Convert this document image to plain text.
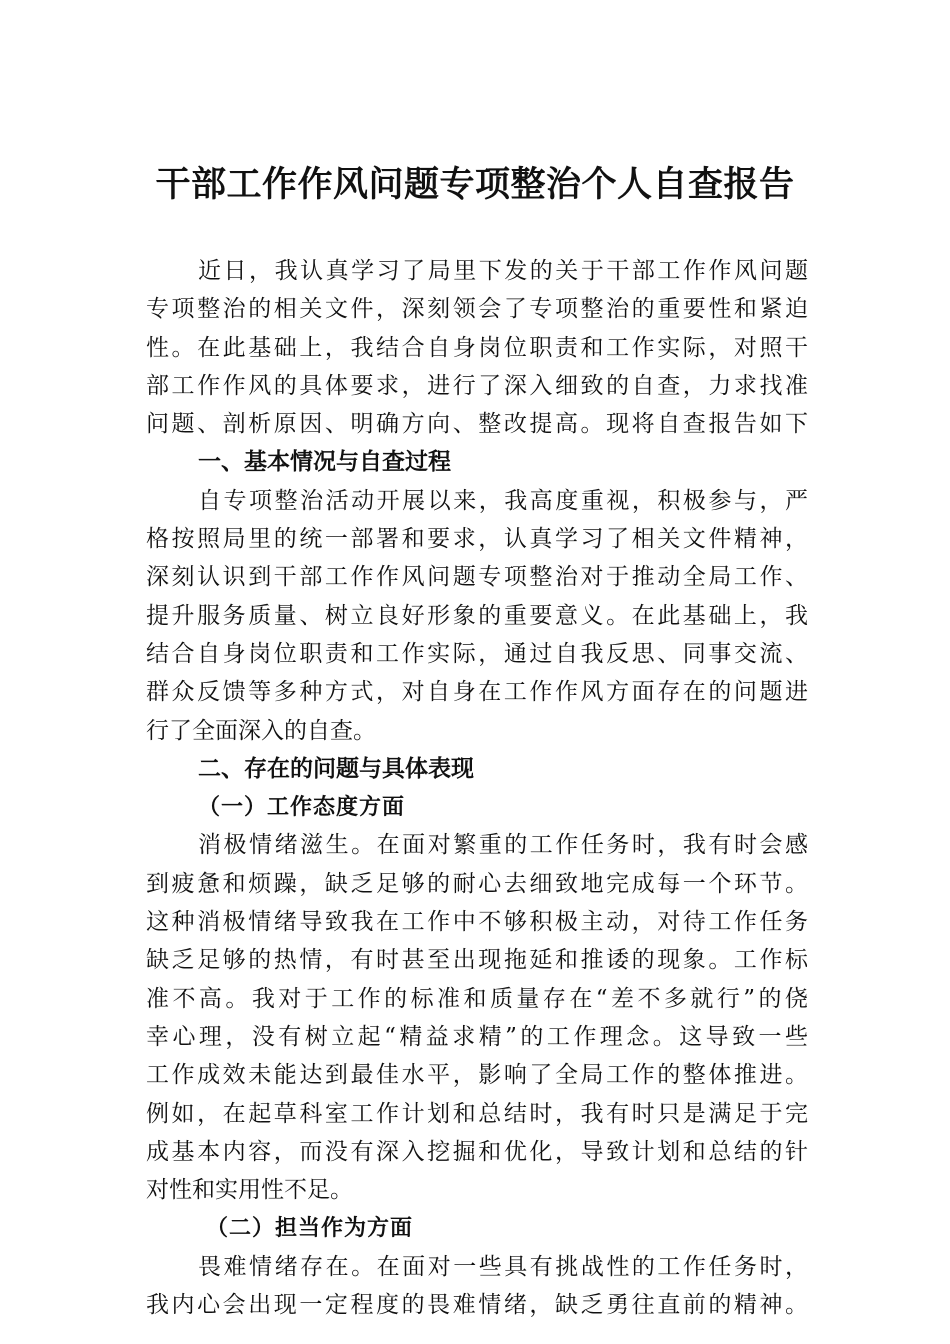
干部工作作风问题专项整治个人自查报告
近日，我认真学习了局里下发的关于干部工作作风问题
专项整治的相关文件，深刻领会了专项整治的重要性和紧迫
性。在此基础上，我结合自身岗位职责和工作实际，对照干
部工作作风的具体要求，进行了深入细致的自查，力求找准
问题、剖析原因、明确方向、整改提高。现将自查报告如下
一、基本情况与自查过程
自专项整治活动开展以来，我高度重视，积极参与，严
格按照局里的统一部署和要求，认真学习了相关文件精神，
深刻认识到干部工作作风问题专项整治对于推动全局工作、
提升服务质量、树立良好形象的重要意义。在此基础上，我
结合自身岗位职责和工作实际，通过自我反思、同事交流、
群众反馈等多种方式，对自身在工作作风方面存在的问题进
行了全面深入的自查。
二、存在的问题与具体表现
（一）工作态度方面
消极情绪滋生。在面对繁重的工作任务时，我有时会感
到疲惫和烦躁，缺乏足够的耐心去细致地完成每一个环节。
这种消极情绪导致我在工作中不够积极主动，对待工作任务
缺乏足够的热情，有时甚至出现拖延和推诿的现象。工作标
准不高。我对于工作的标准和质量存在“差不多就行”的侥
幸心理，没有树立起“精益求精”的工作理念。这导致一些
工作成效未能达到最佳水平，影响了全局工作的整体推进。
例如，在起草科室工作计划和总结时，我有时只是满足于完
成基本内容，而没有深入挖掘和优化，导致计划和总结的针
对性和实用性不足。
（二）担当作为方面
畏难情绪存在。在面对一些具有挑战性的工作任务时，
我内心会出现一定程度的畏难情绪，缺乏勇往直前的精神。
